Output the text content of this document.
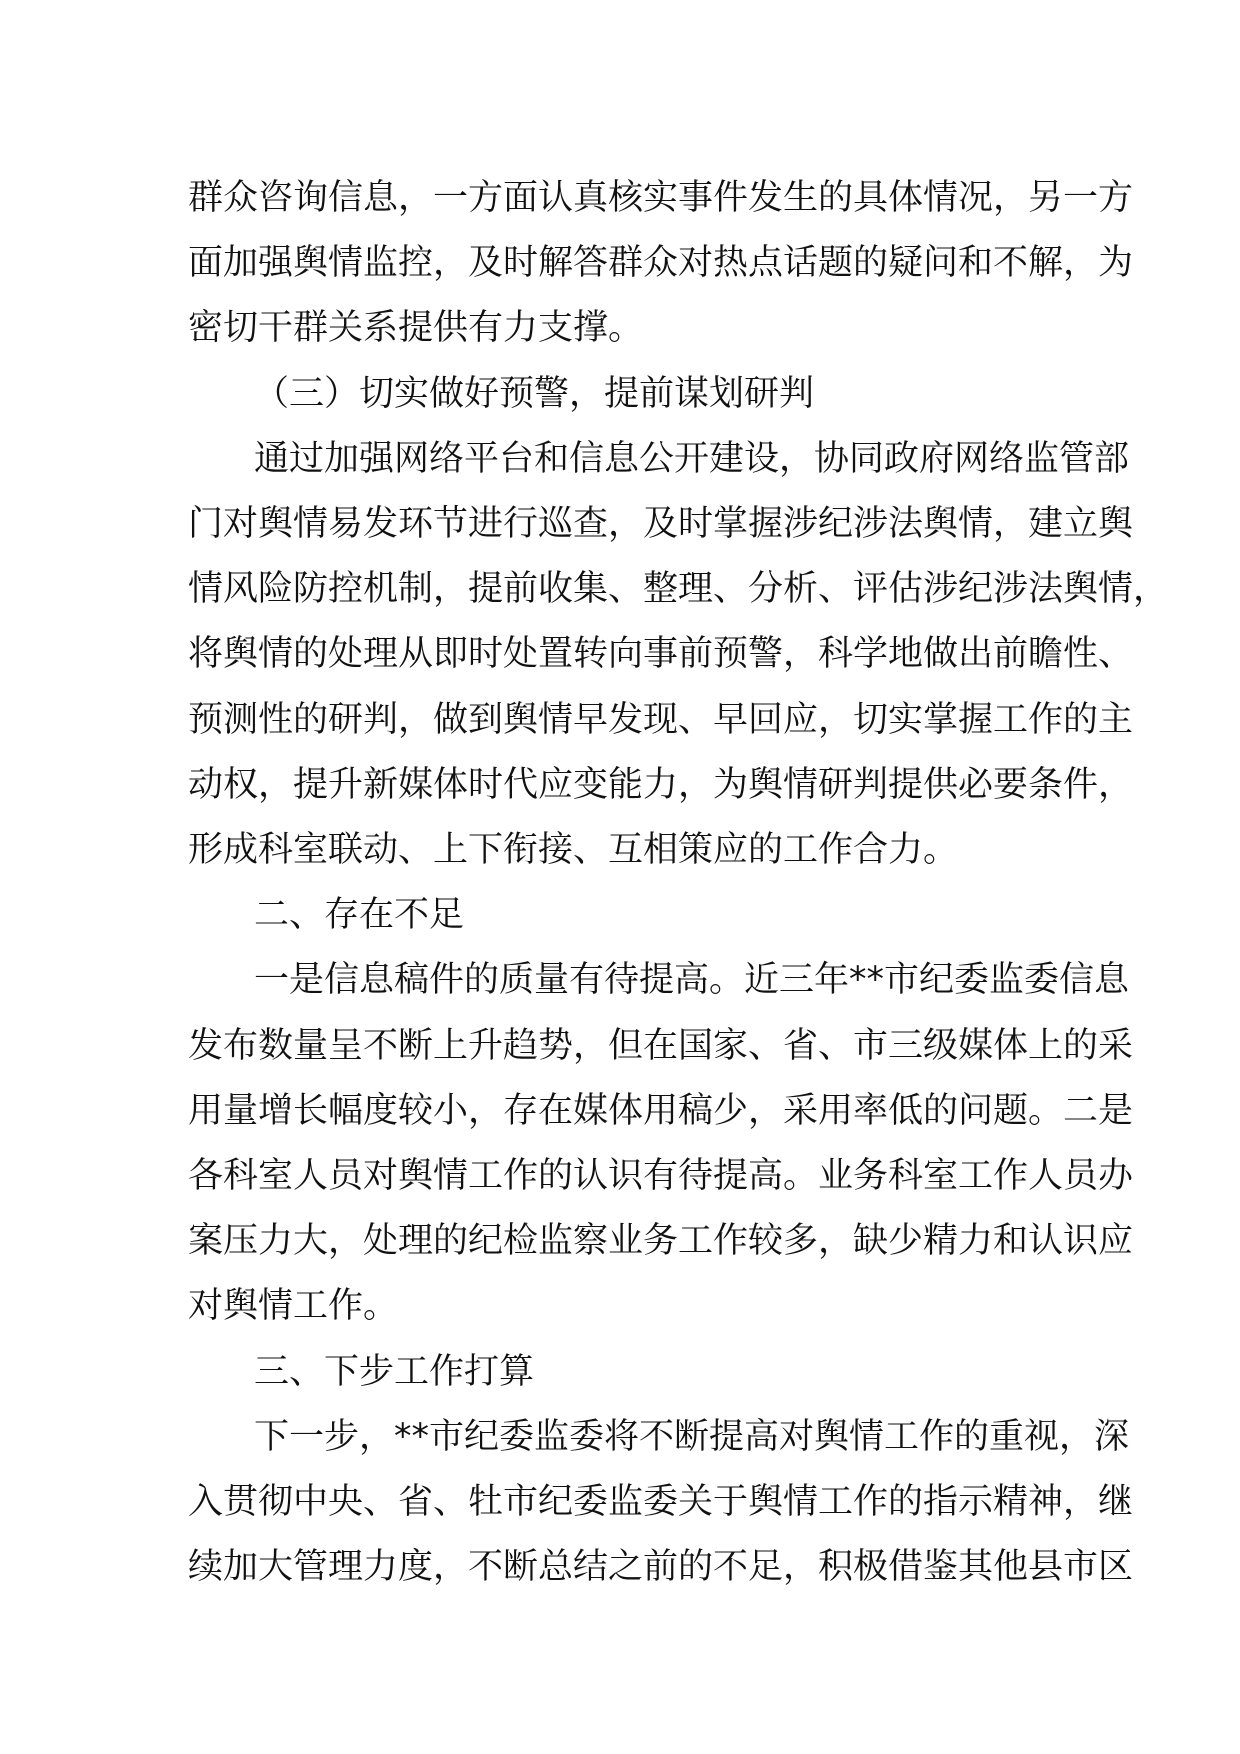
群众咨询信息，一方面认真核实事件发生的具体情况，另一方
面加强舆情监控，及时解答群众对热点话题的疑问和不解，为
密切干群关系提供有力支撑。

（三）切实做好预警，提前谋划研判

通过加强网络平台和信息公开建设，协同政府网络监管部
门对舆情易发环节进行巡查，及时掌握涉纪涉法舆情，建立舆
情风险防控机制，提前收集、整理、分析、评估涉纪涉法舆情，
将舆情的处理从即时处置转向事前预警，科学地做出前瞻性、
预测性的研判，做到舆情早发现、早回应，切实掌握工作的主
动权，提升新媒体时代应变能力，为舆情研判提供必要条件，
形成科室联动、上下衔接、互相策应的工作合力。

二、存在不足

一是信息稿件的质量有待提高。近三年**市纪委监委信息
发布数量呈不断上升趋势，但在国家、省、市三级媒体上的采
用量增长幅度较小，存在媒体用稿少，采用率低的问题。二是
各科室人员对舆情工作的认识有待提高。业务科室工作人员办
案压力大，处理的纪检监察业务工作较多，缺少精力和认识应
对舆情工作。

三、下步工作打算

下一步，**市纪委监委将不断提高对舆情工作的重视，深
入贯彻中央、省、牡市纪委监委关于舆情工作的指示精神，继
续加大管理力度，不断总结之前的不足，积极借鉴其他县市区
